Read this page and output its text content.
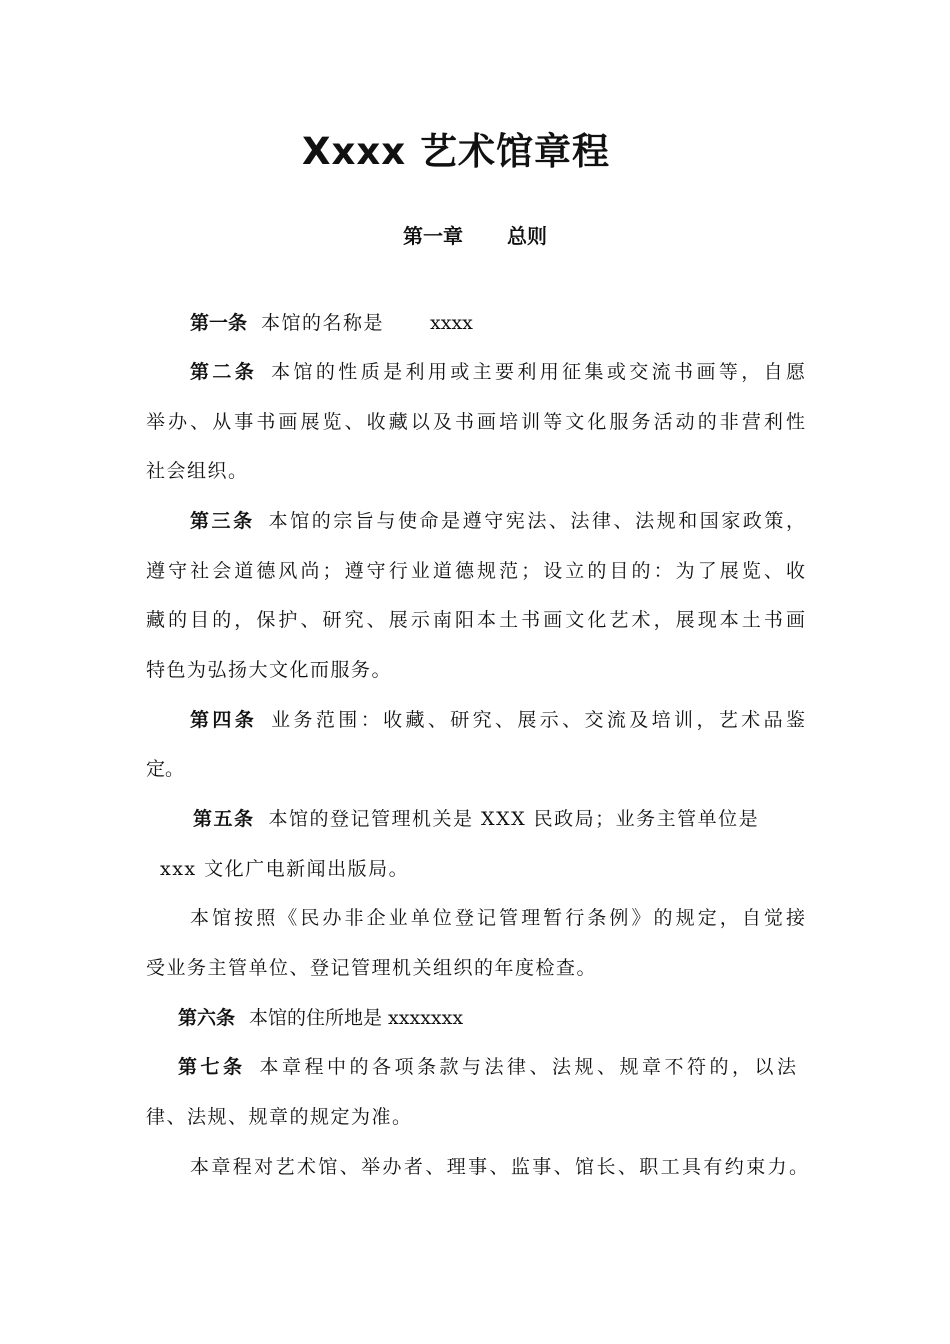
Xxxx 艺术馆章程
第一章 总则
第一条 本馆的名称是 xxxx
第二条 本馆的性质是利用或主要利用征集或交流书画等，自愿
举办、从事书画展览、收藏以及书画培训等文化服务活动的非营利性
社会组织。
第三条 本馆的宗旨与使命是遵守宪法、法律、法规和国家政策，
遵守社会道德风尚；遵守行业道德规范；设立的目的：为了展览、收
藏的目的，保护、研究、展示南阳本土书画文化艺术，展现本土书画
特色为弘扬大文化而服务。
第四条 业务范围：收藏、研究、展示、交流及培训，艺术品鉴
定。
第五条 本馆的登记管理机关是 XXX 民政局；业务主管单位是
xxx 文化广电新闻出版局。
本馆按照《民办非企业单位登记管理暂行条例》的规定，自觉接
受业务主管单位、登记管理机关组织的年度检查。
第六条 本馆的住所地是 xxxxxxx
第七条 本章程中的各项条款与法律、法规、规章不符的，以法
律、法规、规章的规定为准。
本章程对艺术馆、举办者、理事、监事、馆长、职工具有约束力。
